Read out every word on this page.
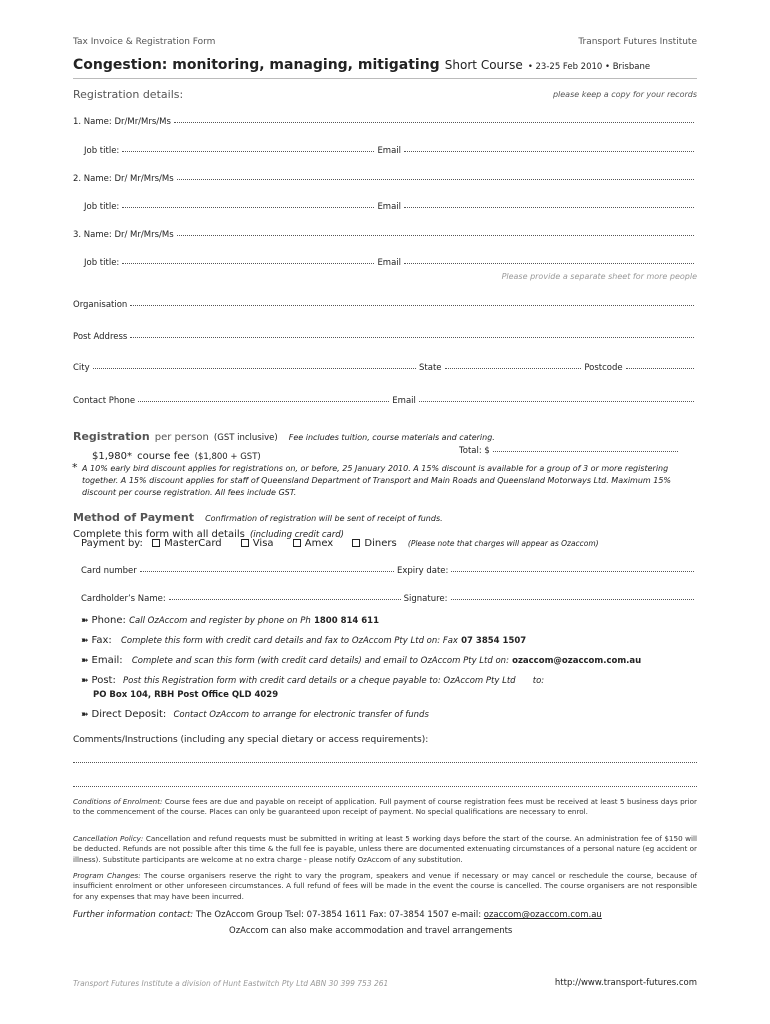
Tax Invoice & Registration Form	Transport Futures Institute
Congestion: monitoring, managing, mitigating Short Course • 23-25 Feb 2010 • Brisbane
Registration details:	please keep a copy for your records
1. Name: Dr/Mr/Mrs/Ms
Job title:	Email
2. Name: Dr/ Mr/Mrs/Ms
Job title:	Email
3. Name: Dr/ Mr/Mrs/Ms
Job title:	Email
Please provide a separate sheet for more people
Organisation
Post Address
City	State	Postcode
Contact Phone	Email
Registration per person (GST inclusive) Fee includes tuition, course materials and catering.
$1,980* course fee ($1,800 + GST)
Total: $
* A 10% early bird discount applies for registrations on, or before, 25 January 2010. A 15% discount is available for a group of 3 or more registering together. A 15% discount applies for staff of Queensland Department of Transport and Main Roads and Queensland Motorways Ltd. Maximum 15% discount per course registration. All fees include GST.
Method of Payment Confirmation of registration will be sent of receipt of funds.
Complete this form with all details (including credit card)
Payment by: MasterCard	Visa	Amex	Diners (Please note that charges will appear as Ozaccom)
Card number	Expiry date:
Cardholder’s Name:	Signature:
➽ Phone: Call OzAccom and register by phone on Ph 1800 814 611
➽ Fax: Complete this form with credit card details and fax to OzAccom Pty Ltd on: Fax 07 3854 1507
➽ Email: Complete and scan this form (with credit card details) and email to OzAccom Pty Ltd on: ozaccom@ozaccom.com.au
➽ Post: Post this Registration form with credit card details or a cheque payable to: OzAccom Pty Ltd to:
PO Box 104, RBH Post Office QLD 4029
➽ Direct Deposit: Contact OzAccom to arrange for electronic transfer of funds
Comments/Instructions (including any special dietary or access requirements):
Conditions of Enrolment: Course fees are due and payable on receipt of application. Full payment of course registration fees must be received at least 5 business days prior to the commencement of the course. Places can only be guaranteed upon receipt of payment. No special qualifications are necessary to enrol.
Cancellation Policy: Cancellation and refund requests must be submitted in writing at least 5 working days before the start of the course. An administration fee of $150 will be deducted. Refunds are not possible after this time & the full fee is payable, unless there are documented extenuating circumstances of a personal nature (eg accident or illness). Substitute participants are welcome at no extra charge - please notify OzAccom of any substitution.
Program Changes: The course organisers reserve the right to vary the program, speakers and venue if necessary or may cancel or reschedule the course, because of insufficient enrolment or other unforeseen circumstances. A full refund of fees will be made in the event the course is cancelled. The course organisers are not responsible for any expenses that may have been incurred.
Further information contact: The OzAccom Group Tsel: 07-3854 1611 Fax: 07-3854 1507 e-mail: ozaccom@ozaccom.com.au
OzAccom can also make accommodation and travel arrangements
Transport Futures Institute a division of Hunt Eastwitch Pty Ltd ABN 30 399 753 261	http://www.transport-futures.com
